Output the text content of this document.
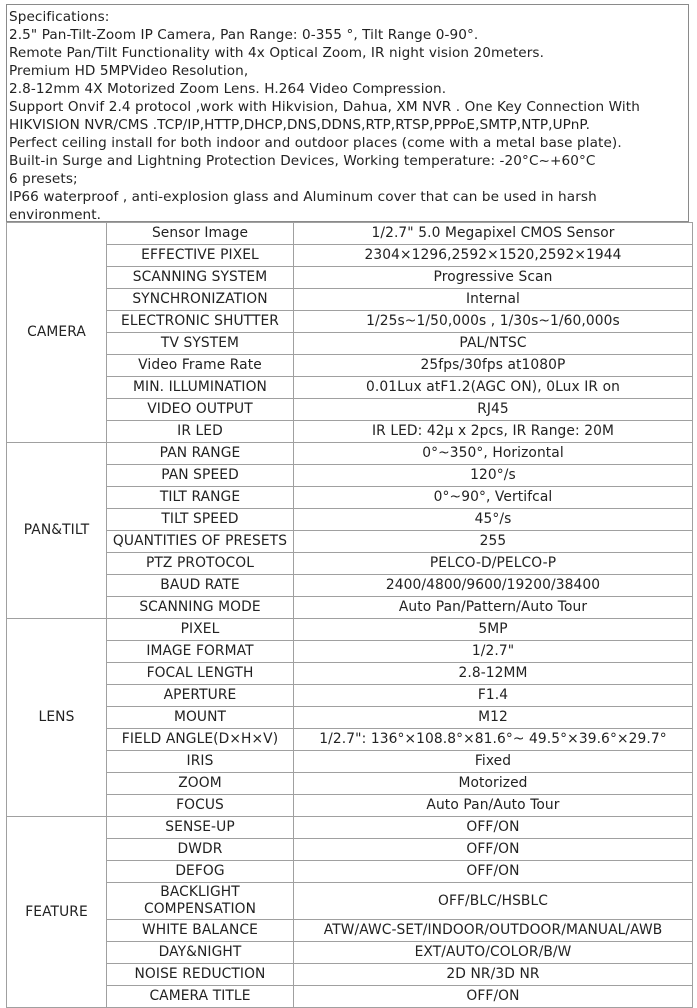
Specifications:
2.5" Pan-Tilt-Zoom IP Camera, Pan Range: 0-355 °, Tilt Range 0-90°.
Remote Pan/Tilt Functionality with 4x Optical Zoom, IR night vision 20meters.
Premium HD 5MPVideo Resolution,
2.8-12mm 4X Motorized Zoom Lens. H.264 Video Compression.
Support Onvif 2.4 protocol ,work with Hikvision, Dahua, XM NVR . One Key Connection With
HIKVISION NVR/CMS .TCP/IP,HTTP,DHCP,DNS,DDNS,RTP,RTSP,PPPoE,SMTP,NTP,UPnP.
Perfect ceiling install for both indoor and outdoor places (come with a metal base plate).
Built-in Surge and Lightning Protection Devices, Working temperature: -20°C~+60°C
6 presets;
IP66 waterproof , anti-explosion glass and Aluminum cover that can be used in harsh
environment.
CAMERA	Sensor Image	1/2.7" 5.0 Megapixel CMOS Sensor
	EFFECTIVE PIXEL	2304×1296,2592×1520,2592×1944
	SCANNING SYSTEM	Progressive Scan
	SYNCHRONIZATION	Internal
	ELECTRONIC SHUTTER	1/25s~1/50,000s , 1/30s~1/60,000s
	TV SYSTEM	PAL/NTSC
	Video Frame Rate	25fps/30fps at1080P
	MIN. ILLUMINATION	0.01Lux atF1.2(AGC ON), 0Lux IR on
	VIDEO OUTPUT	RJ45
	IR LED	IR LED: 42μ x 2pcs, IR Range: 20M
PAN&TILT	PAN RANGE	0°~350°, Horizontal
	PAN SPEED	120°/s
	TILT RANGE	0°~90°, Vertifcal
	TILT SPEED	45°/s
	QUANTITIES OF PRESETS	255
	PTZ PROTOCOL	PELCO-D/PELCO-P
	BAUD RATE	2400/4800/9600/19200/38400
	SCANNING MODE	Auto Pan/Pattern/Auto Tour
LENS	PIXEL	5MP
	IMAGE FORMAT	1/2.7"
	FOCAL LENGTH	2.8-12MM
	APERTURE	F1.4
	MOUNT	M12
	FIELD ANGLE(D×H×V)	1/2.7": 136°×108.8°×81.6°~ 49.5°×39.6°×29.7°
	IRIS	Fixed
	ZOOM	Motorized
	FOCUS	Auto Pan/Auto Tour
FEATURE	SENSE-UP	OFF/ON
	DWDR	OFF/ON
	DEFOG	OFF/ON
	BACKLIGHT COMPENSATION	OFF/BLC/HSBLC
	WHITE BALANCE	ATW/AWC-SET/INDOOR/OUTDOOR/MANUAL/AWB
	DAY&NIGHT	EXT/AUTO/COLOR/B/W
	NOISE REDUCTION	2D NR/3D NR
	CAMERA TITLE	OFF/ON
